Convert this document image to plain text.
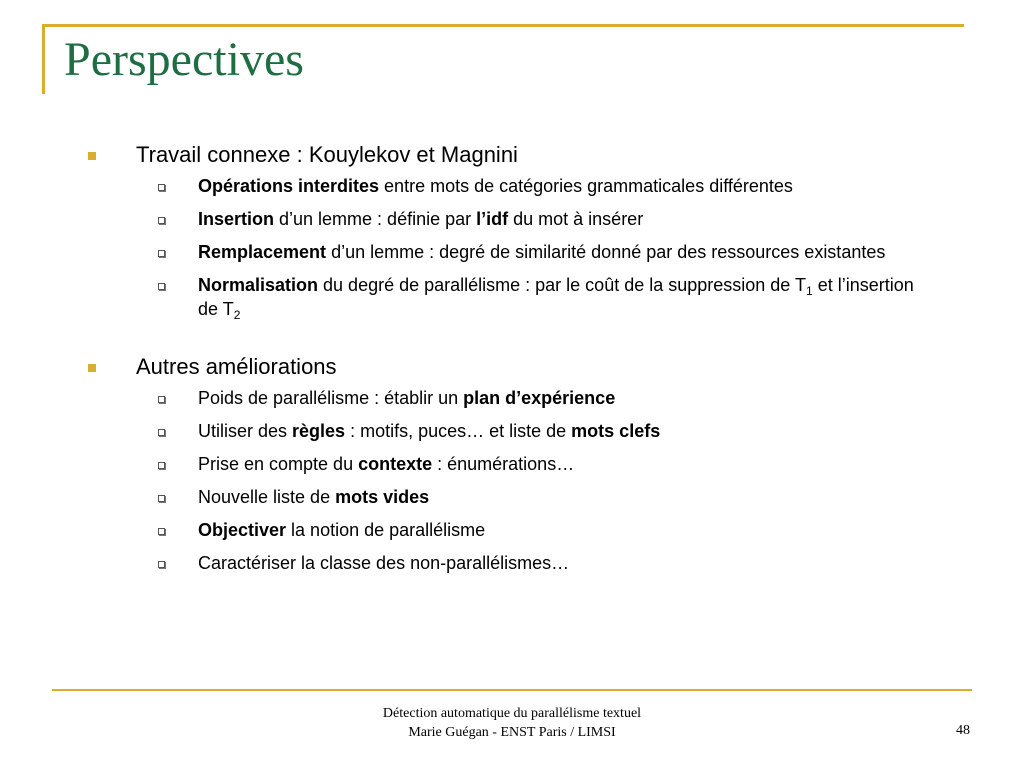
Perspectives
Travail connexe : Kouylekov et Magnini
Opérations interdites entre mots de catégories grammaticales différentes
Insertion d’un lemme : définie par l’idf du mot à insérer
Remplacement d’un lemme : degré de similarité donné par des ressources existantes
Normalisation du degré de parallélisme : par le coût de la suppression de $T_1$ et l’insertion de $T_2$
Autres améliorations
Poids de parallélisme : établir un plan d’expérience
Utiliser des règles : motifs, puces… et liste de mots clefs
Prise en compte du contexte : énumérations…
Nouvelle liste de mots vides
Objectiver la notion de parallélisme
Caractériser la classe des non-parallélismes…
Détection automatique du parallélisme textuel
Marie Guégan - ENST Paris / LIMSI	48
